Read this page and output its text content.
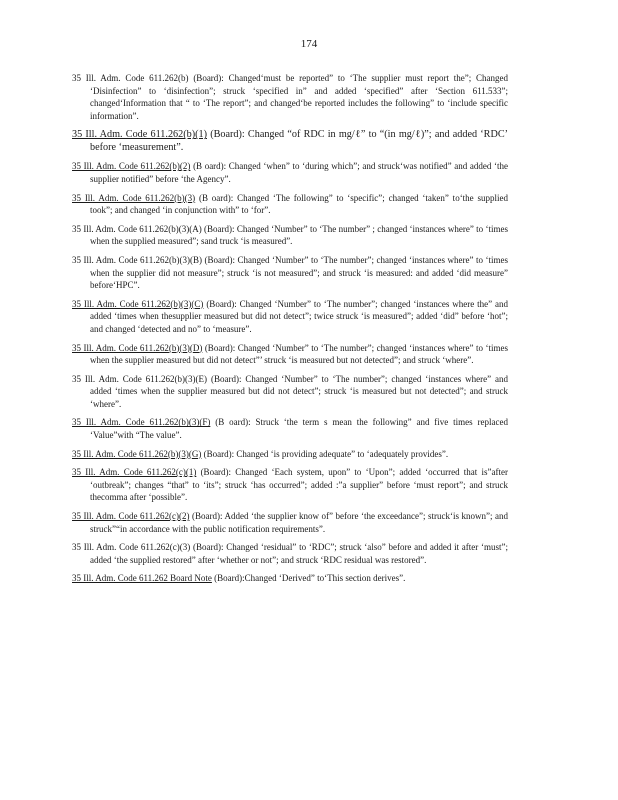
174

35 Ill. Adm. Code 611.262(b) (Board): Changed‘must be reported” to ‘The supplier must report the”; Changed ‘Disinfection” to ‘disinfection”; struck ‘specified in” and added ‘specified” after ‘Section 611.533”; changed‘Information that “ to ‘The report”; and changed‘be reported includes the following” to ‘include specific information”.

35 Ill. Adm. Code 611.262(b)(1) (Board): Changed “of RDC in mg/ℓ” to “(in mg/ℓ)”; and added ‘RDC’ before ‘measurement”.

35 Ill. Adm. Code 611.262(b)(2) (B oard): Changed ‘when” to ‘during which”; and struck‘was notified” and added ‘the supplier notified” before ‘the Agency”.

35 Ill. Adm. Code 611.262(b)(3) (B oard): Changed ‘The following” to ‘specific”; changed ‘taken” to‘the supplied took”; and changed ‘in conjunction with” to ‘for”.

35 Ill. Adm. Code 611.262(b)(3)(A) (Board): Changed ‘Number” to ‘The number” ; changed ‘instances where” to ‘times when the supplied measured”; sand truck ‘is measured”.

35 Ill. Adm. Code 611.262(b)(3)(B) (Board): Changed ‘Number” to ‘The number”; changed ‘instances where” to ‘times when the supplier did not measure”; struck ‘is not measured”; and struck ‘is measured: and added ‘did measure” before‘HPC”.

35 Ill. Adm. Code 611.262(b)(3)(C) (Board): Changed ‘Number” to ‘The number”; changed ‘instances where the” and added ‘times when thesupplier measured but did not detect”; twice struck ‘is measured”; added ‘did” before ‘hot”; and changed ‘detected and no” to ‘measure”.

35 Ill. Adm. Code 611.262(b)(3)(D) (Board): Changed ‘Number” to ‘The number”; changed ‘instances where” to ‘times when the supplier measured but did not detect”’ struck ‘is measured but not detected”; and struck ‘where”.

35 Ill. Adm. Code 611.262(b)(3)(E) (Board): Changed ‘Number” to ‘The number”; changed ‘instances where” and added ‘times when the supplier measured but did not detect”; struck ‘is measured but not detected”; and struck ‘where”.

35 Ill. Adm. Code 611.262(b)(3)(F) (B oard): Struck ‘the term s mean the following” and five times replaced ‘Value”with “The value”.

35 Ill. Adm. Code 611.262(b)(3)(G) (Board): Changed ‘is providing adequate” to ‘adequately provides”.

35 Ill. Adm. Code 611.262(c)(1) (Board): Changed ‘Each system, upon” to ‘Upon”; added ‘occurred that is”after ‘outbreak”; changes “that” to ‘its”; struck ‘has occurred”; added :”a supplier” before ‘must report”; and struck thecomma after ‘possible”.

35 Ill. Adm. Code 611.262(c)(2) (Board): Added ‘the supplier know of” before ‘the exceedance”; struck‘is known”; and struck”“in accordance with the public notification requirements”.

35 Ill. Adm. Code 611.262(c)(3) (Board): Changed ‘residual” to ‘RDC”; struck ‘also” before and added it after ‘must”; added ‘the supplied restored” after ‘whether or not”; and struck ‘RDC residual was restored”.

35 Ill. Adm. Code 611.262 Board Note (Board):Changed ‘Derived” to‘This section derives”.
